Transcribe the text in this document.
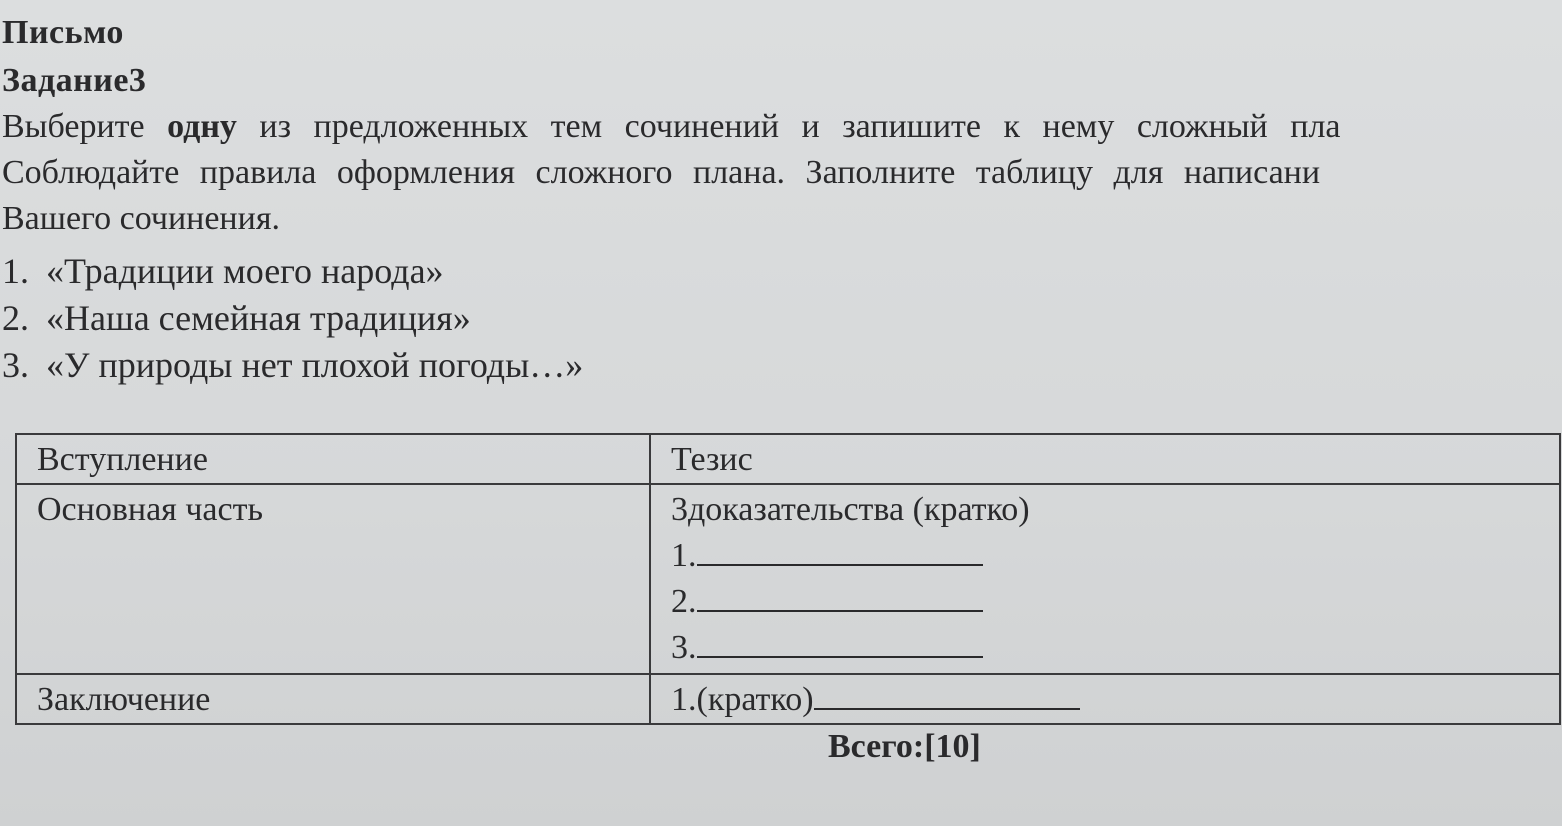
Письмо
Задание3
Выберите одну из предложенных тем сочинений и запишите к нему сложный пла
Соблюдайте правила оформления сложного плана. Заполните таблицу для написани
Вашего сочинения.
1. «Традиции моего народа»
2. «Наша семейная традиция»
3. «У природы нет плохой погоды…»
Вступление	Тезис
Основная часть	3доказательства (кратко)
1.
2.
3.

Заключение	1.(кратко)
Всего:[10]
